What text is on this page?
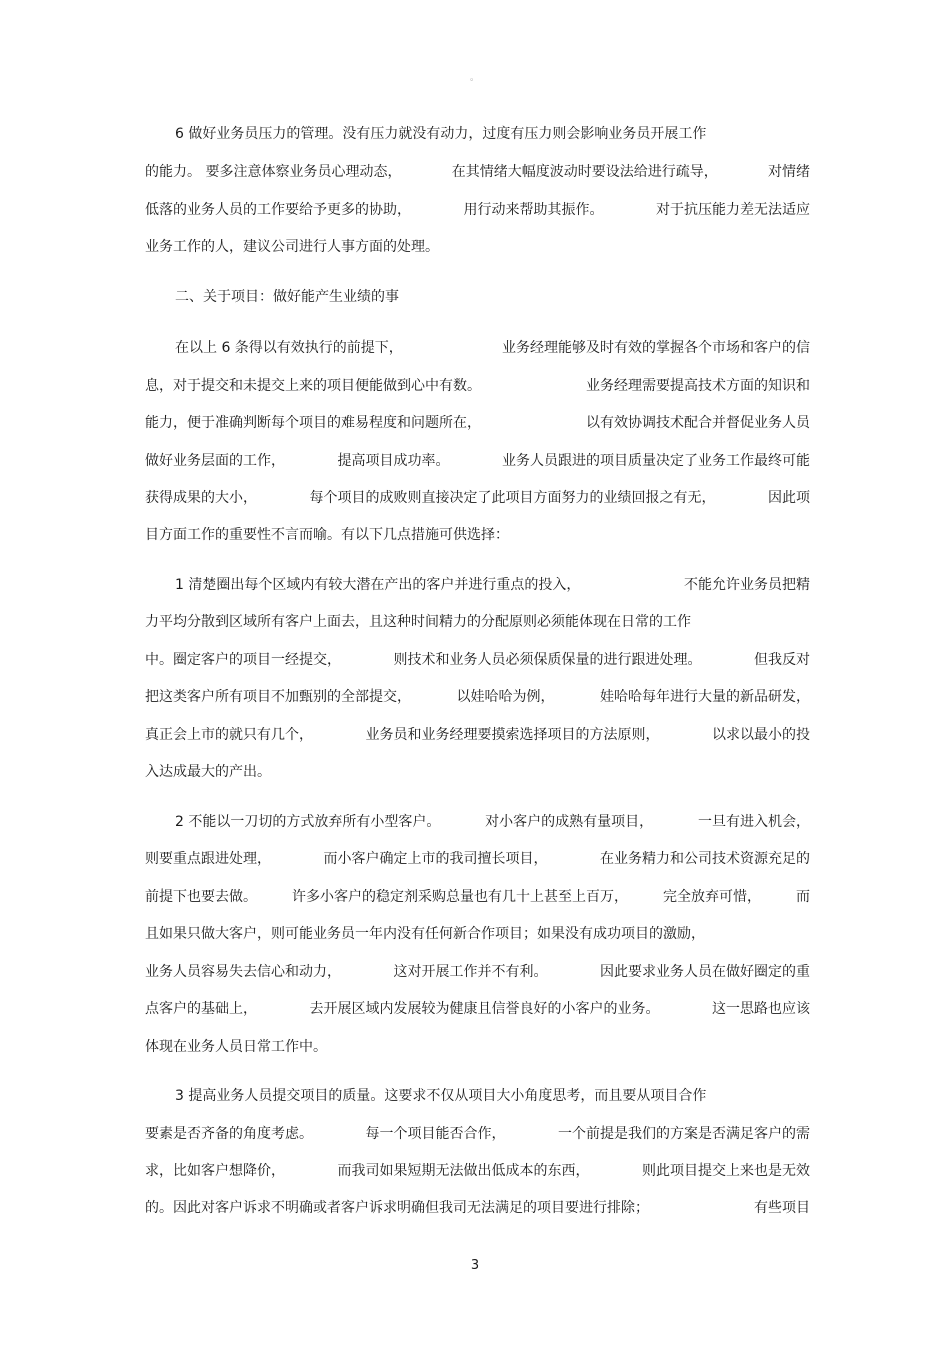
。
6 做好业务员压力的管理。没有压力就没有动力，过度有压力则会影响业务员开展工作
的能力。 要多注意体察业务员心理动态，	在其情绪大幅度波动时要设法给进行疏导，	对情绪
低落的业务人员的工作要给予更多的协助，	用行动来帮助其振作。	对于抗压能力差无法适应
业务工作的人，建议公司进行人事方面的处理。
二、关于项目：做好能产生业绩的事
在以上 6 条得以有效执行的前提下，	业务经理能够及时有效的掌握各个市场和客户的信
息，对于提交和未提交上来的项目便能做到心中有数。	业务经理需要提高技术方面的知识和
能力，便于准确判断每个项目的难易程度和问题所在，	以有效协调技术配合并督促业务人员
做好业务层面的工作，	提高项目成功率。	业务人员跟进的项目质量决定了业务工作最终可能
获得成果的大小，	每个项目的成败则直接决定了此项目方面努力的业绩回报之有无，	因此项
目方面工作的重要性不言而喻。有以下几点措施可供选择：
1 清楚圈出每个区域内有较大潜在产出的客户并进行重点的投入，	不能允许业务员把精
力平均分散到区域所有客户上面去，且这种时间精力的分配原则必须能体现在日常的工作
中。圈定客户的项目一经提交，	则技术和业务人员必须保质保量的进行跟进处理。	但我反对
把这类客户所有项目不加甄别的全部提交，	以娃哈哈为例，	娃哈哈每年进行大量的新品研发，
真正会上市的就只有几个，	业务员和业务经理要摸索选择项目的方法原则，	以求以最小的投
入达成最大的产出。
2 不能以一刀切的方式放弃所有小型客户。	对小客户的成熟有量项目，	一旦有进入机会，
则要重点跟进处理，	而小客户确定上市的我司擅长项目，	在业务精力和公司技术资源充足的
前提下也要去做。	许多小客户的稳定剂采购总量也有几十上甚至上百万，	完全放弃可惜，	而
且如果只做大客户，则可能业务员一年内没有任何新合作项目；如果没有成功项目的激励，
业务人员容易失去信心和动力，	这对开展工作并不有利。	因此要求业务人员在做好圈定的重
点客户的基础上，	去开展区域内发展较为健康且信誉良好的小客户的业务。	这一思路也应该
体现在业务人员日常工作中。
3 提高业务人员提交项目的质量。这要求不仅从项目大小角度思考，而且要从项目合作
要素是否齐备的角度考虑。	每一个项目能否合作，	一个前提是我们的方案是否满足客户的需
求，比如客户想降价，	而我司如果短期无法做出低成本的东西，	则此项目提交上来也是无效
的。因此对客户诉求不明确或者客户诉求明确但我司无法满足的项目要进行排除；	有些项目
3
